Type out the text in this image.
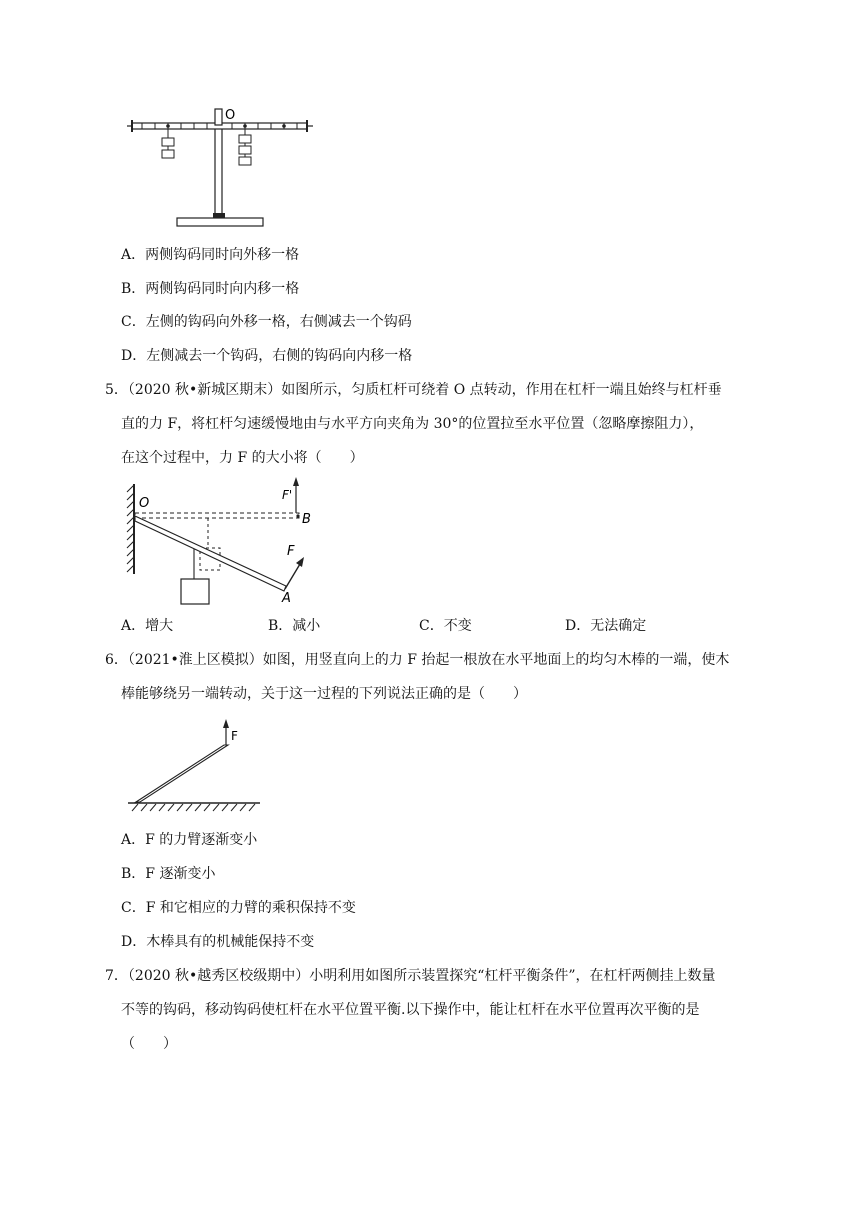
O
A．两侧钩码同时向外移一格
B．两侧钩码同时向内移一格
C．左侧的钩码向外移一格，右侧减去一个钩码
D．左侧减去一个钩码，右侧的钩码向内移一格
5．（2020 秋•新城区期末）如图所示，匀质杠杆可绕着 O 点转动，作用在杠杆一端且始终与杠杆垂
直的力 F，将杠杆匀速缓慢地由与水平方向夹角为 30°的位置拉至水平位置（忽略摩擦阻力），
在这个过程中，力 F 的大小将（　　）
O
F'
B
F
A
A．增大	B．减小	C．不变	D．无法确定
6．（2021•淮上区模拟）如图，用竖直向上的力 F 抬起一根放在水平地面上的均匀木棒的一端，使木
棒能够绕另一端转动，关于这一过程的下列说法正确的是（　　）
F
A．F 的力臂逐渐变小
B．F 逐渐变小
C．F 和它相应的力臂的乘积保持不变
D．木棒具有的机械能保持不变
7．（2020 秋•越秀区校级期中）小明利用如图所示装置探究“杠杆平衡条件”，在杠杆两侧挂上数量
不等的钩码，移动钩码使杠杆在水平位置平衡.以下操作中，能让杠杆在水平位置再次平衡的是
（　　）
